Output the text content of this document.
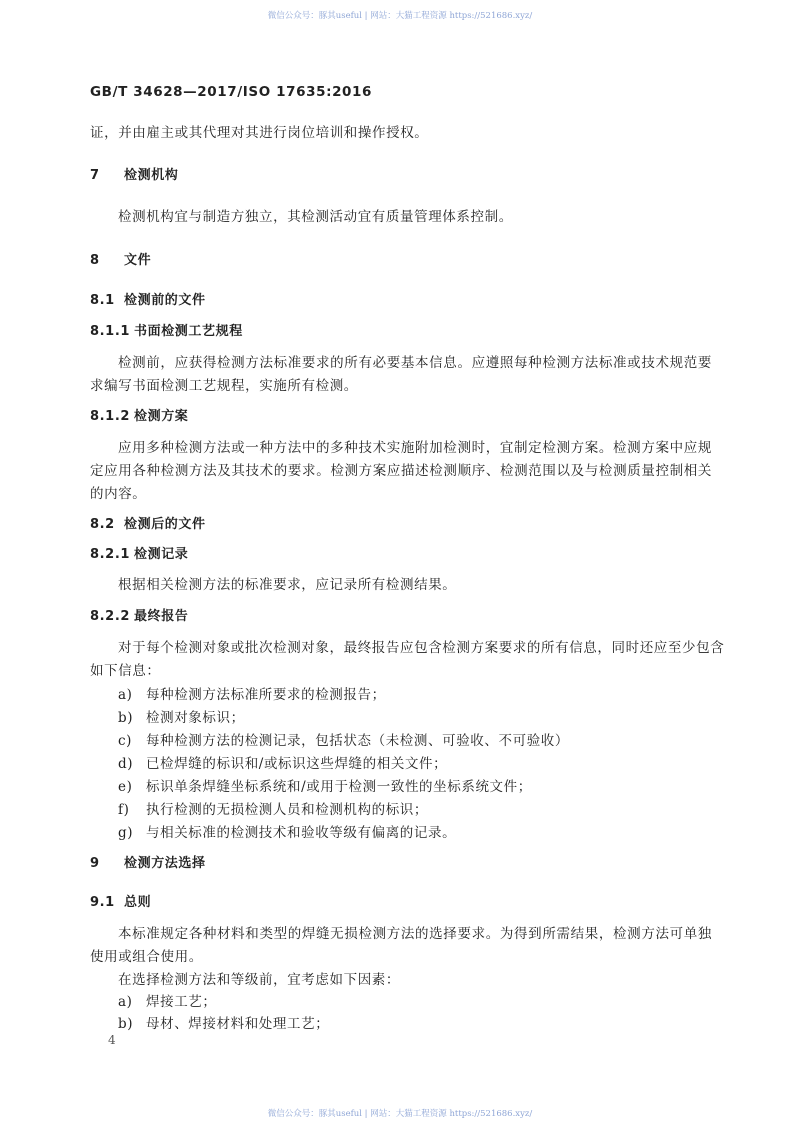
微信公众号：豚其useful | 网站：大猫工程资源 https://521686.xyz/
GB/T 34628—2017/ISO 17635:2016
证，并由雇主或其代理对其进行岗位培训和操作授权。
7 检测机构
检测机构宜与制造方独立，其检测活动宜有质量管理体系控制。
8 文件
8.1 检测前的文件
8.1.1 书面检测工艺规程
检测前，应获得检测方法标准要求的所有必要基本信息。应遵照每种检测方法标准或技术规范要
求编写书面检测工艺规程，实施所有检测。
8.1.2 检测方案
应用多种检测方法或一种方法中的多种技术实施附加检测时，宜制定检测方案。检测方案中应规
定应用各种检测方法及其技术的要求。检测方案应描述检测顺序、检测范围以及与检测质量控制相关
的内容。
8.2 检测后的文件
8.2.1 检测记录
根据相关检测方法的标准要求，应记录所有检测结果。
8.2.2 最终报告
对于每个检测对象或批次检测对象，最终报告应包含检测方案要求的所有信息，同时还应至少包含
如下信息：
a) 每种检测方法标准所要求的检测报告；
b) 检测对象标识；
c) 每种检测方法的检测记录，包括状态（未检测、可验收、不可验收）
d) 已检焊缝的标识和/或标识这些焊缝的相关文件；
e) 标识单条焊缝坐标系统和/或用于检测一致性的坐标系统文件；
f) 执行检测的无损检测人员和检测机构的标识；
g) 与相关标准的检测技术和验收等级有偏离的记录。
9 检测方法选择
9.1 总则
本标准规定各种材料和类型的焊缝无损检测方法的选择要求。为得到所需结果，检测方法可单独
使用或组合使用。
在选择检测方法和等级前，宜考虑如下因素：
a) 焊接工艺；
b) 母材、焊接材料和处理工艺；
4
微信公众号：豚其useful | 网站：大猫工程资源 https://521686.xyz/
